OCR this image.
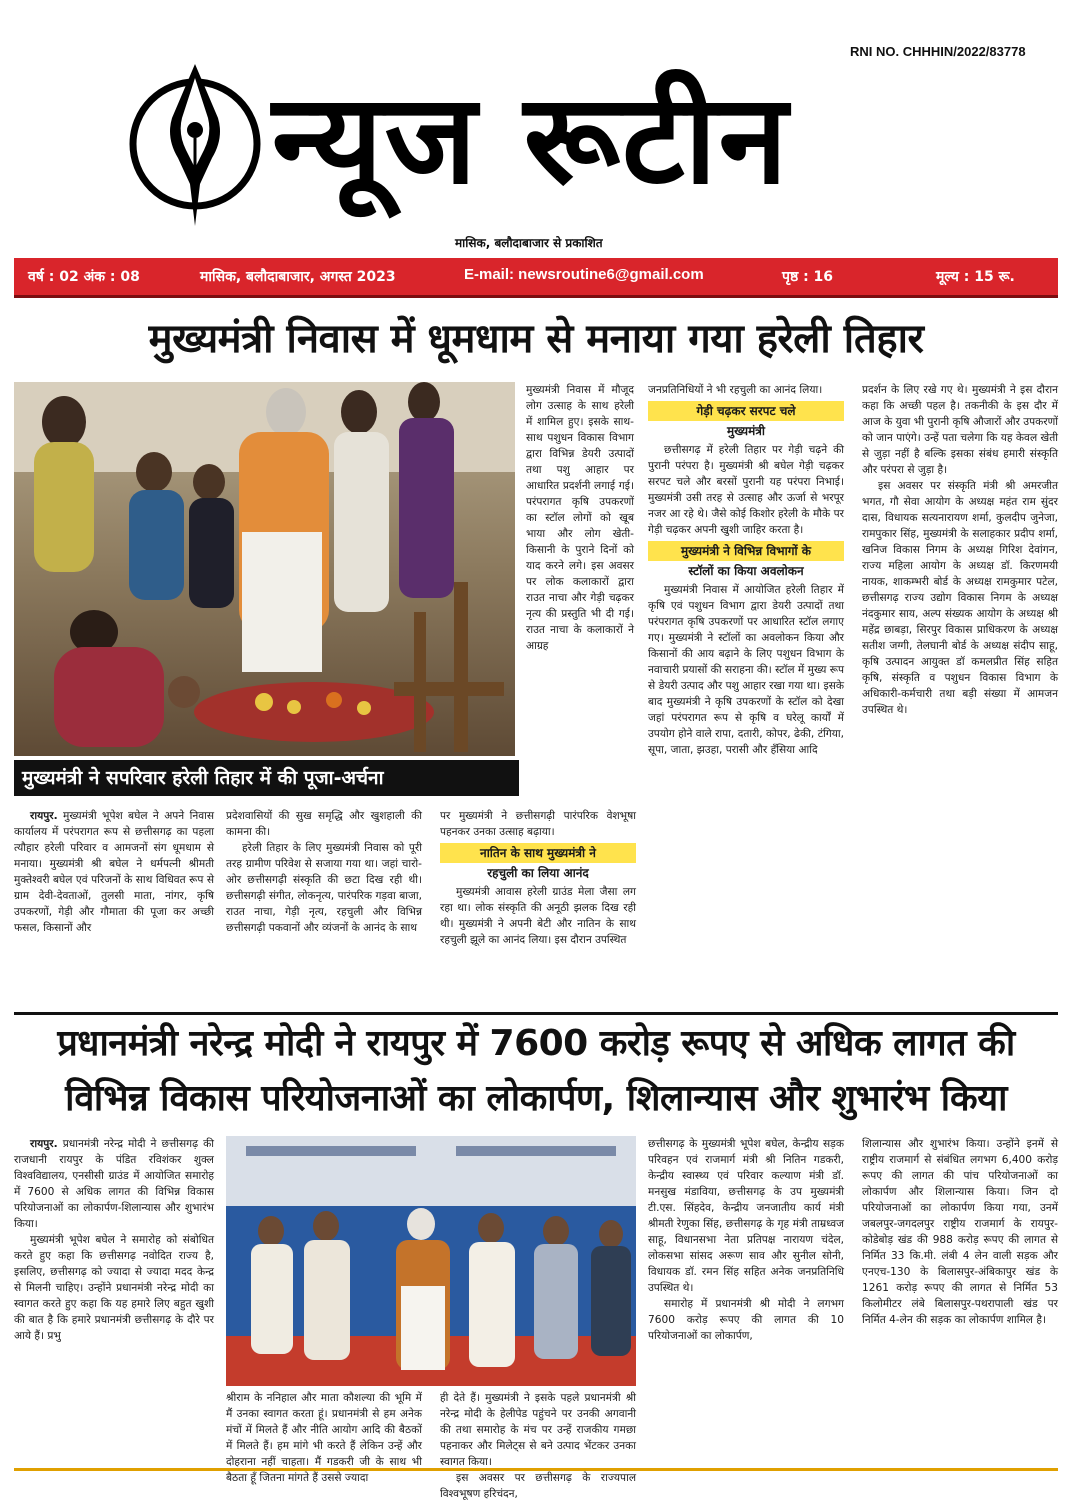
RNI NO. CHHHIN/2022/83778
न्यूज रूटीन
मासिक, बलौदाबाजार से प्रकाशित
वर्ष : 02 अंक : 08	मासिक, बलौदाबाजार, अगस्त 2023	E-mail: newsroutine6@gmail.com	पृष्ठ : 16	मूल्य : 15 रू.
मुख्यमंत्री निवास में धूमधाम से मनाया गया हरेली तिहार
मुख्यमंत्री ने सपरिवार हरेली तिहार में की पूजा-अर्चना

रायपुर. मुख्यमंत्री भूपेश बघेल ने अपने निवास कार्यालय में परंपरागत रूप से छत्तीसगढ़ का पहला त्यौहार हरेली परिवार व आमजनों संग धूमधाम से मनाया। मुख्यमंत्री श्री बघेल ने धर्मपत्नी श्रीमती मुक्तेश्वरी बघेल एवं परिजनों के साथ विधिवत रूप से ग्राम देवी-देवताओं, तुलसी माता, नांगर, कृषि उपकरणों, गेड़ी और गौमाता की पूजा कर अच्छी फसल, किसानों और

प्रदेशवासियों की सुख समृद्धि और खुशहाली की कामना की।

हरेली तिहार के लिए मुख्यमंत्री निवास को पूरी तरह ग्रामीण परिवेश से सजाया गया था। जहां चारो-ओर छत्तीसगढ़ी संस्कृति की छटा दिख रही थी। छत्तीसगढ़ी संगीत, लोकनृत्य, पारंपरिक गड़वा बाजा, राउत नाचा, गेड़ी नृत्य, रहचुली और विभिन्न छत्तीसगढ़ी पकवानों और व्यंजनों के आनंद के साथ

मुख्यमंत्री निवास में मौजूद लोग उत्साह के साथ हरेली में शामिल हुए। इसके साथ-साथ पशुधन विकास विभाग द्वारा विभिन्न डेयरी उत्पादों तथा पशु आहार पर आधारित प्रदर्शनी लगाई गई। परंपरागत कृषि उपकरणों का स्टॉल लोगों को खूब भाया और लोग खेती-किसानी के पुराने दिनों को याद करने लगे। इस अवसर पर लोक कलाकारों द्वारा राउत नाचा और गेड़ी चढ़कर नृत्य की प्रस्तुति भी दी गई। राउत नाचा के कलाकारों ने आग्रह

पर मुख्यमंत्री ने छत्तीसगढ़ी पारंपरिक वेशभूषा पहनकर उनका उत्साह बढ़ाया।

नातिन के साथ मुख्यमंत्री ने
रहचुली का लिया आनंद

मुख्यमंत्री आवास हरेली ग्राउंड मेला जैसा लग रहा था। लोक संस्कृति की अनूठी झलक दिख रही थी। मुख्यमंत्री ने अपनी बेटी और नातिन के साथ रहचुली झूले का आनंद लिया। इस दौरान उपस्थित

जनप्रतिनिधियों ने भी रहचुली का आनंद लिया।

गेड़ी चढ़कर सरपट चले
मुख्यमंत्री

छत्तीसगढ़ में हरेली तिहार पर गेड़ी चढ़ने की पुरानी परंपरा है। मुख्यमंत्री श्री बघेल गेड़ी चढ़कर सरपट चले और बरसों पुरानी यह परंपरा निभाई। मुख्यमंत्री उसी तरह से उत्साह और ऊर्जा से भरपूर नजर आ रहे थे। जैसे कोई किशोर हरेली के मौके पर गेड़ी चढ़कर अपनी खुशी जाहिर करता है।

मुख्यमंत्री ने विभिन्न विभागों के
स्टॉलों का किया अवलोकन

मुख्यमंत्री निवास में आयोजित हरेली तिहार में कृषि एवं पशुधन विभाग द्वारा डेयरी उत्पादों तथा परंपरागत कृषि उपकरणों पर आधारित स्टॉल लगाए गए। मुख्यमंत्री ने स्टॉलों का अवलोकन किया और किसानों की आय बढ़ाने के लिए पशुधन विभाग के नवाचारी प्रयासों की सराहना की। स्टॉल में मुख्य रूप से डेयरी उत्पाद और पशु आहार रखा गया था। इसके बाद मुख्यमंत्री ने कृषि उपकरणों के स्टॉल को देखा जहां परंपरागत रूप से कृषि व घरेलू कार्यों में उपयोग होने वाले रापा, दतारी, कोपर, ढेकी, टंगिया, सूपा, जाता, झउहा, परासी और हँसिया आदि

प्रदर्शन के लिए रखे गए थे। मुख्यमंत्री ने इस दौरान कहा कि अच्छी पहल है। तकनीकी के इस दौर में आज के युवा भी पुरानी कृषि औजारों और उपकरणों को जान पाएंगे। उन्हें पता चलेगा कि यह केवल खेती से जुड़ा नहीं है बल्कि इसका संबंध हमारी संस्कृति और परंपरा से जुड़ा है।

इस अवसर पर संस्कृति मंत्री श्री अमरजीत भगत, गौ सेवा आयोग के अध्यक्ष महंत राम सुंदर दास, विधायक सत्यनारायण शर्मा, कुलदीप जुनेजा, रामपुकार सिंह, मुख्यमंत्री के सलाहकार प्रदीप शर्मा, खनिज विकास निगम के अध्यक्ष गिरिश देवांगन, राज्य महिला आयोग के अध्यक्ष डॉ. किरणमयी नायक, शाकम्भरी बोर्ड के अध्यक्ष रामकुमार पटेल, छत्तीसगढ़ राज्य उद्योग विकास निगम के अध्यक्ष नंदकुमार साय, अल्प संख्यक आयोग के अध्यक्ष श्री महेंद्र छाबड़ा, सिरपुर विकास प्राधिकरण के अध्यक्ष सतीश जग्गी, तेलघानी बोर्ड के अध्यक्ष संदीप साहू, कृषि उत्पादन आयुक्त डॉ कमलप्रीत सिंह सहित कृषि, संस्कृति व पशुधन विकास विभाग के अधिकारी-कर्मचारी तथा बड़ी संख्या में आमजन उपस्थित थे।

प्रधानमंत्री नरेन्द्र मोदी ने रायपुर में 7600 करोड़ रूपए से अधिक लागत की
विभिन्न विकास परियोजनाओं का लोकार्पण, शिलान्यास और शुभारंभ किया

रायपुर. प्रधानमंत्री नरेन्द्र मोदी ने छत्तीसगढ़ की राजधानी रायपुर के पंडित रविशंकर शुक्ल विश्वविद्यालय, एनसीसी ग्राउंड में आयोजित समारोह में 7600 से अधिक लागत की विभिन्न विकास परियोजनाओं का लोकार्पण-शिलान्यास और शुभारंभ किया।

मुख्यमंत्री भूपेश बघेल ने समारोह को संबोधित करते हुए कहा कि छत्तीसगढ़ नवोदित राज्य है, इसलिए, छत्तीसगढ़ को ज्यादा से ज्यादा मदद केन्द्र से मिलनी चाहिए। उन्होंने प्रधानमंत्री नरेन्द्र मोदी का स्वागत करते हुए कहा कि यह हमारे लिए बहुत खुशी की बात है कि हमारे प्रधानमंत्री छत्तीसगढ़ के दौरे पर आये हैं। प्रभु

श्रीराम के ननिहाल और माता कौशल्या की भूमि में मैं उनका स्वागत करता हूं। प्रधानमंत्री से हम अनेक मंचों में मिलते हैं और नीति आयोग आदि की बैठकों में मिलते हैं। हम मांगे भी करते हैं लेकिन उन्हें और दोहराना नहीं चाहता। मैं गडकरी जी के साथ भी बैठता हूँ जितना मांगते हैं उससे ज्यादा

ही देते हैं। मुख्यमंत्री ने इसके पहले प्रधानमंत्री श्री नरेन्द्र मोदी के हेलीपेड पहुंचने पर उनकी अगवानी की तथा समारोह के मंच पर उन्हें राजकीय गमछा पहनाकर और मिलेट्स से बने उत्पाद भेंटकर उनका स्वागत किया।

इस अवसर पर छत्तीसगढ़ के राज्यपाल विश्वभूषण हरिचंदन,

छत्तीसगढ़ के मुख्यमंत्री भूपेश बघेल, केन्द्रीय सड़क परिवहन एवं राजमार्ग मंत्री श्री नितिन गडकरी, केन्द्रीय स्वास्थ्य एवं परिवार कल्याण मंत्री डॉ. मनसुख मंडाविया, छत्तीसगढ़ के उप मुख्यमंत्री टी.एस. सिंहदेव, केन्द्रीय जनजातीय कार्य मंत्री श्रीमती रेणुका सिंह, छत्तीसगढ़ के गृह मंत्री ताम्रध्वज साहू, विधानसभा नेता प्रतिपक्ष नारायण चंदेल, लोकसभा सांसद अरूण साव और सुनील सोनी, विधायक डॉ. रमन सिंह सहित अनेक जनप्रतिनिधि उपस्थित थे।

समारोह में प्रधानमंत्री श्री मोदी ने लगभग 7600 करोड़ रूपए की लागत की 10 परियोजनाओं का लोकार्पण,

शिलान्यास और शुभारंभ किया। उन्होंने इनमें से राष्ट्रीय राजमार्ग से संबंधित लगभग 6,400 करोड़ रूपए की लागत की पांच परियोजनाओं का लोकार्पण और शिलान्यास किया। जिन दो परियोजनाओं का लोकार्पण किया गया, उनमें जबलपुर-जगदलपुर राष्ट्रीय राजमार्ग के रायपुर-कोडेबोड़ खंड की 988 करोड़ रूपए की लागत से निर्मित 33 कि.मी. लंबी 4 लेन वाली सड़क और एनएच-130 के बिलासपुर-अंबिकापुर खंड के 1261 करोड़ रूपए की लागत से निर्मित 53 किलोमीटर लंबे बिलासपुर-पथरापाली खंड पर निर्मित 4-लेन की सड़क का लोकार्पण शामिल है।
